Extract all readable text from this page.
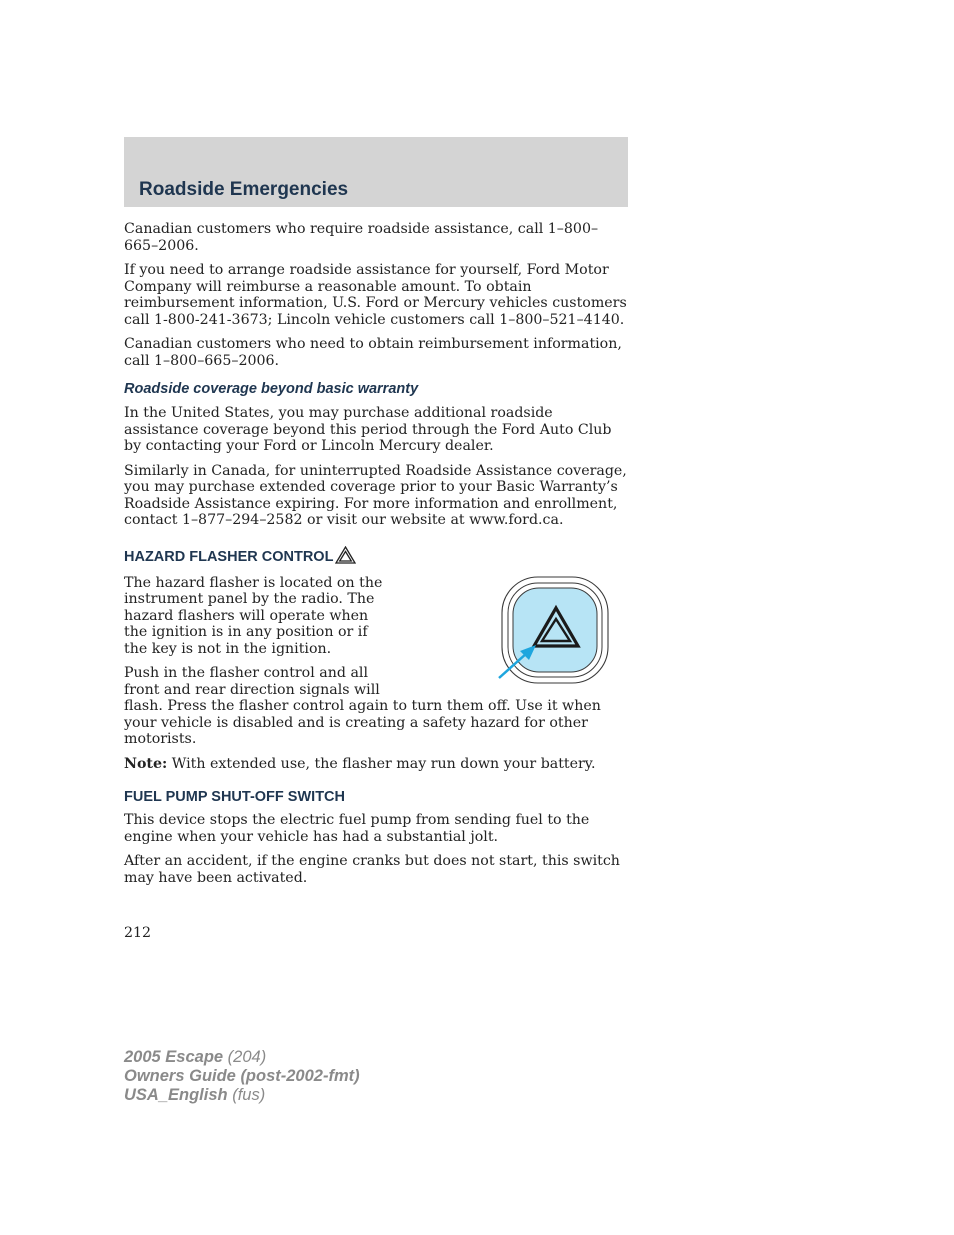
Roadside Emergencies

Canadian customers who require roadside assistance, call 1–800–665–2006.

If you need to arrange roadside assistance for yourself, Ford Motor Company will reimburse a reasonable amount. To obtain reimbursement information, U.S. Ford or Mercury vehicles customers call 1-800-241-3673; Lincoln vehicle customers call 1–800–521–4140.

Canadian customers who need to obtain reimbursement information, call 1–800–665–2006.

Roadside coverage beyond basic warranty

In the United States, you may purchase additional roadside assistance coverage beyond this period through the Ford Auto Club by contacting your Ford or Lincoln Mercury dealer.

Similarly in Canada, for uninterrupted Roadside Assistance coverage, you may purchase extended coverage prior to your Basic Warranty’s Roadside Assistance expiring. For more information and enrollment, contact 1–877–294–2582 or visit our website at www.ford.ca.

HAZARD FLASHER CONTROL

The hazard flasher is located on the instrument panel by the radio. The hazard flashers will operate when the ignition is in any position or if the key is not in the ignition.

Push in the flasher control and all front and rear direction signals will flash. Press the flasher control again to turn them off. Use it when your vehicle is disabled and is creating a safety hazard for other motorists.

Note: With extended use, the flasher may run down your battery.

FUEL PUMP SHUT-OFF SWITCH

This device stops the electric fuel pump from sending fuel to the engine when your vehicle has had a substantial jolt.

After an accident, if the engine cranks but does not start, this switch may have been activated.

212
2005 Escape (204)
Owners Guide (post-2002-fmt)
USA_English (fus)
